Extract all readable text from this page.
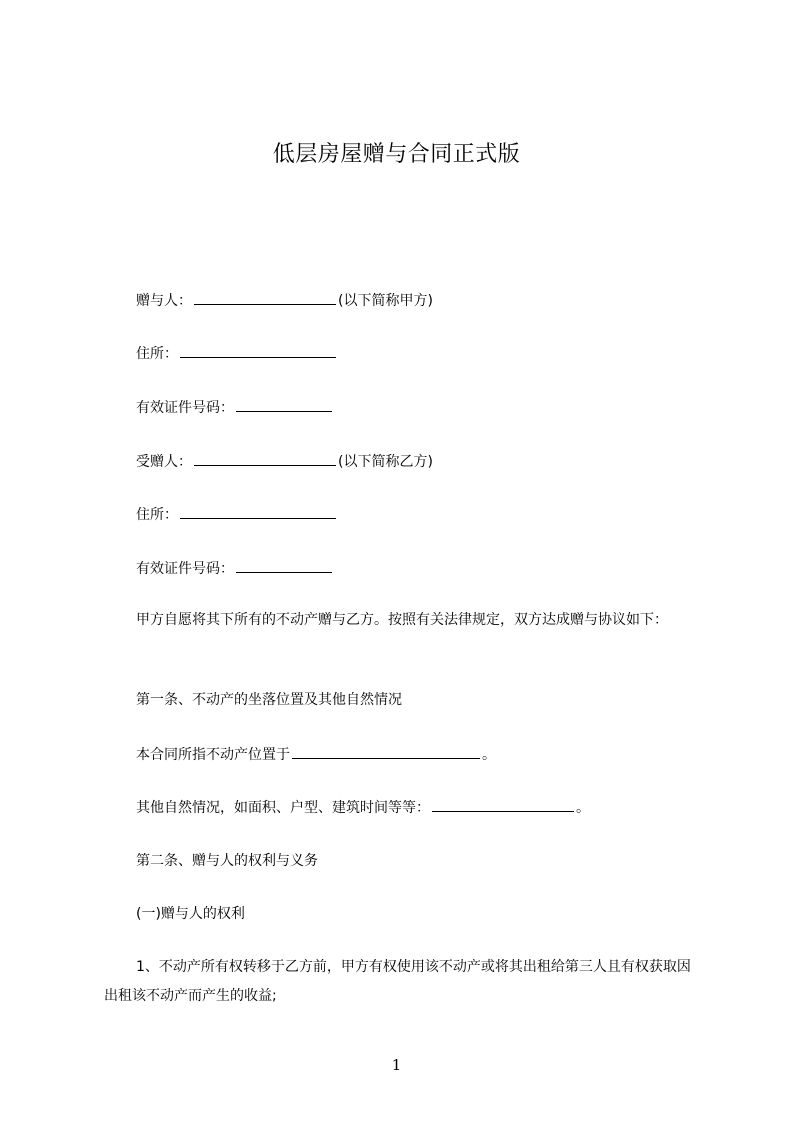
低层房屋赠与合同正式版
赠与人：	(以下简称甲方)
住所：
有效证件号码：
受赠人：	(以下简称乙方)
住所：
有效证件号码：
甲方自愿将其下所有的不动产赠与乙方。按照有关法律规定，双方达成赠与协议如下：
第一条、不动产的坐落位置及其他自然情况
本合同所指不动产位置于	。
其他自然情况，如面积、户型、建筑时间等等：	。
第二条、赠与人的权利与义务
(一)赠与人的权利
1、不动产所有权转移于乙方前，甲方有权使用该不动产或将其出租给第三人且有权获取因出租该不动产而产生的收益;
1
